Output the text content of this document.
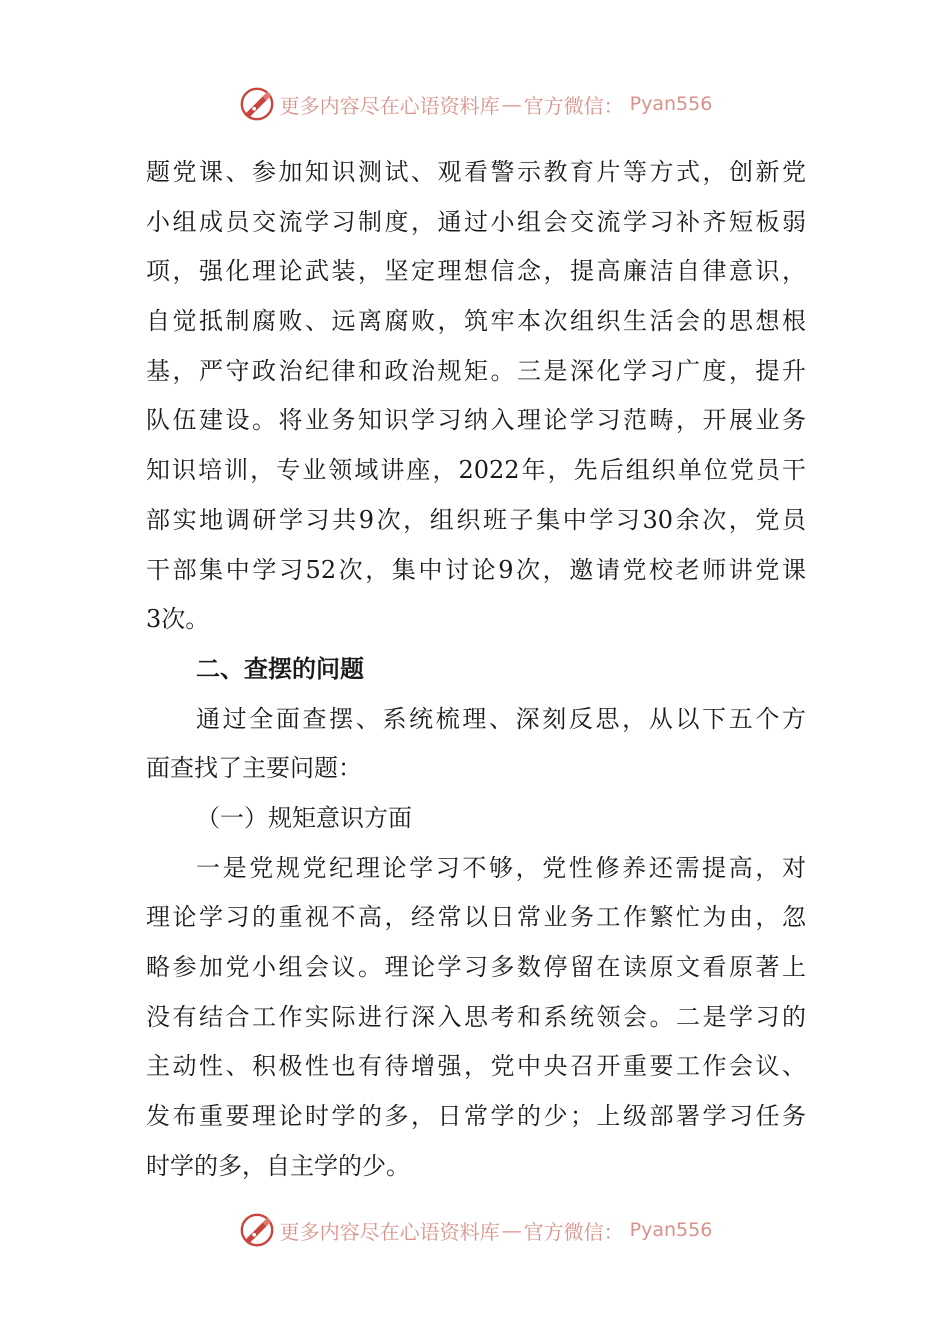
更多内容尽在心语资料库 — 官方微信： Pyan556
题党课、参加知识测试、观看警示教育片等方式，创新党
小组成员交流学习制度，通过小组会交流学习补齐短板弱
项，强化理论武装，坚定理想信念，提高廉洁自律意识，
自觉抵制腐败、远离腐败，筑牢本次组织生活会的思想根
基，严守政治纪律和政治规矩。三是深化学习广度，提升
队伍建设。将业务知识学习纳入理论学习范畴，开展业务
知识培训，专业领域讲座，2022年，先后组织单位党员干
部实地调研学习共9次，组织班子集中学习30余次，党员
干部集中学习52次，集中讨论9次，邀请党校老师讲党课
3次。
二、查摆的问题
通过全面查摆、系统梳理、深刻反思，从以下五个方
面查找了主要问题：
（一）规矩意识方面
一是党规党纪理论学习不够，党性修养还需提高，对
理论学习的重视不高，经常以日常业务工作繁忙为由，忽
略参加党小组会议。理论学习多数停留在读原文看原著上
没有结合工作实际进行深入思考和系统领会。二是学习的
主动性、积极性也有待增强，党中央召开重要工作会议、
发布重要理论时学的多，日常学的少；上级部署学习任务
时学的多，自主学的少。
更多内容尽在心语资料库 — 官方微信： Pyan556
